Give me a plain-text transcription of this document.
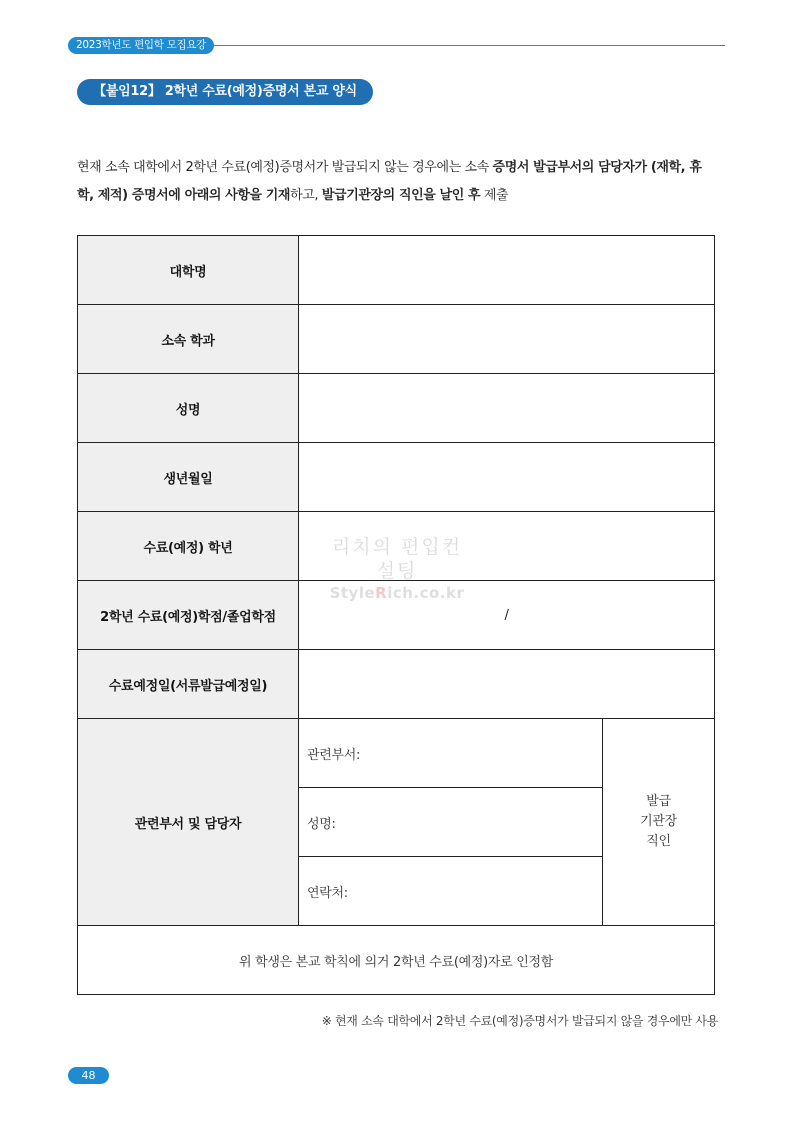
2023학년도 편입학 모집요강
【붙임12】 2학년 수료(예정)증명서 본교 양식
현재 소속 대학에서 2학년 수료(예정)증명서가 발급되지 않는 경우에는 소속 증명서 발급부서의 담당자가 (재학, 휴학, 제적) 증명서에 아래의 사항을 기재하고, 발급기관장의 직인을 날인 후 제출
대학명		
소속 학과		
성명		
생년월일		
수료(예정) 학년		
2학년 수료(예정)학점/졸업학점	/	
수료예정일(서류발급예정일)		
관련부서 및 담당자	관련부서:	발급
기관장
직인
	성명:	
	연락처:	
위 학생은 본교 학칙에 의거 2학년 수료(예정)자로 인정함		
리치의 편입컨설팅
StyleRich.co.kr
※ 현재 소속 대학에서 2학년 수료(예정)증명서가 발급되지 않을 경우에만 사용
48
